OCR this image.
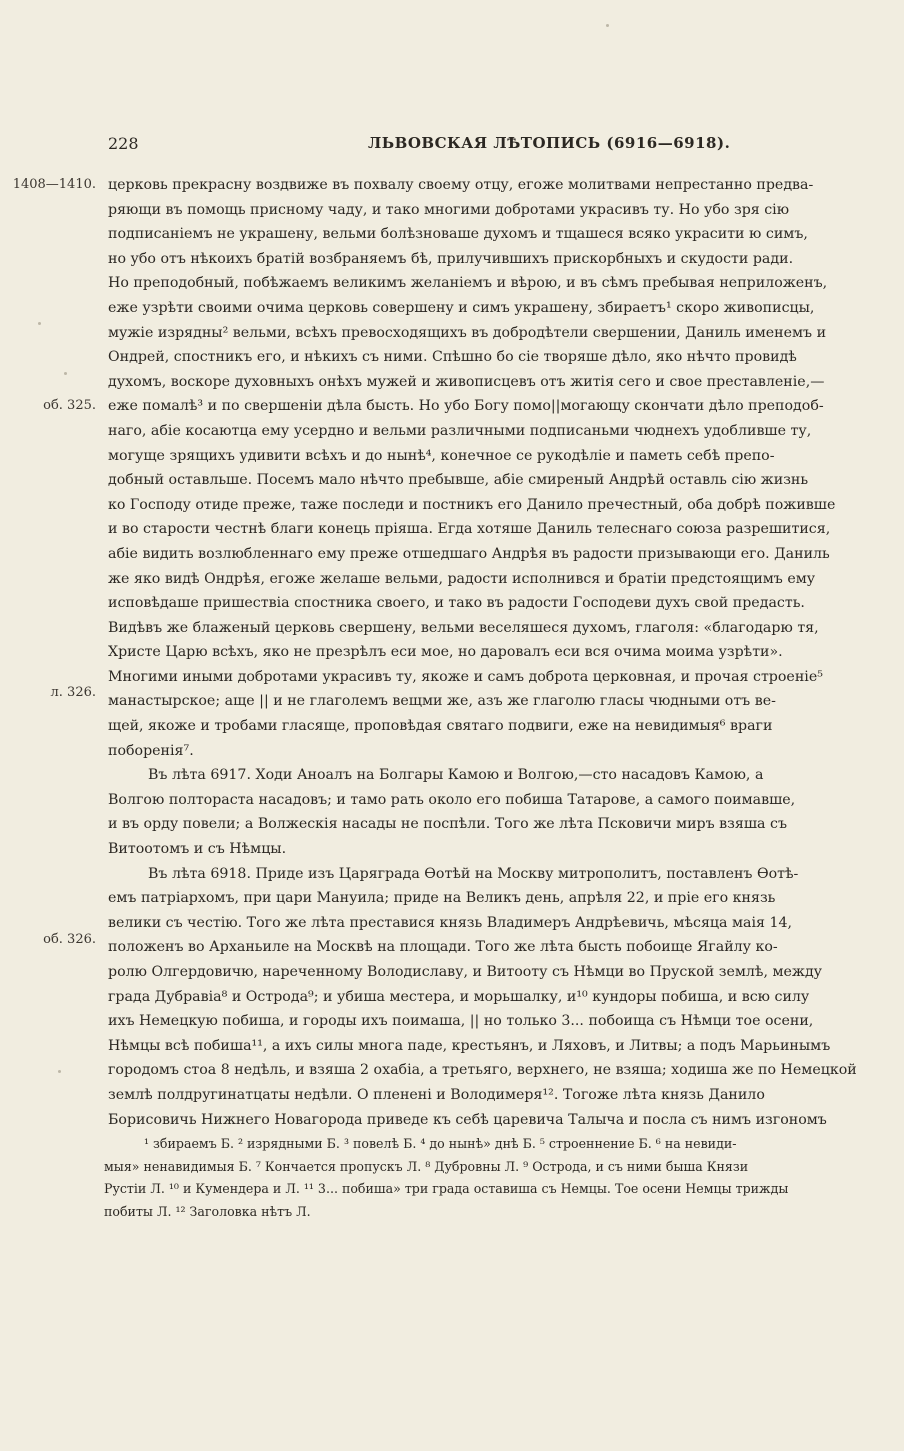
228	ЛЬВОВСКАЯ ЛѢТОПИСЬ (6916—6918).
1408—1410.
об. 325.
л. 326.
об. 326.
церковь прекрасну воздвиже въ похвалу своему отцу, егоже молитвами непрестанно предва-
ряющи въ помощь присному чаду, и тако многими добротами украсивъ ту. Но убо зря сію
подписаніемъ не украшену, вельми болѣзноваше духомъ и тщашеся всяко украсити ю симъ,
но убо отъ нѣкоихъ братій возбраняемъ бѣ, прилучившихъ прискорбныхъ и скудости ради.
Но преподобный, побѣжаемъ великимъ желаніемъ и вѣрою, и въ сѣмъ пребывая неприложенъ,
еже узрѣти своими очима церковь совершену и симъ украшену, збираетъ¹ скоро живописцы,
мужіе изрядны² вельми, всѣхъ превосходящихъ въ добродѣтели свершении, Даниль именемъ и
Ондрей, спостникъ его, и нѣкихъ съ ними. Спѣшно бо сіе творяше дѣло, яко нѣчто провидѣ
духомъ, воскоре духовныхъ онѣхъ мужей и живописцевъ отъ житія сего и свое преставленіе,—
еже помалѣ³ и по свершеніи дѣла бысть. Но убо Богу помо||могающу скончати дѣло преподоб-
наго, абіе косаютца ему усердно и вельми различными подписаньми чюднехъ удобливше ту,
могуще зрящихъ удивити всѣхъ и до нынѣ⁴, конечное се рукодѣліе и паметь себѣ препо-
добный оставльше. Посемъ мало нѣчто пребывше, абіе смиреный Андрѣй оставль сію жизнь
ко Господу отиде преже, таже последи и постникъ его Данило пречестный, оба добрѣ поживше
и во старости честнѣ благи конець пріяша. Егда хотяше Даниль телеснаго союза разрешитися,
абіе видить возлюбленнаго ему преже отшедшаго Андрѣя въ радости призывающи его. Даниль
же яко видѣ Ондрѣя, егоже желаше вельми, радости исполнився и братіи предстоящимъ ему
исповѣдаше пришествіа спостника своего, и тако въ радости Господеви духъ свой предасть.
Видѣвъ же блаженый церковь свершену, вельми веселяшеся духомъ, глаголя: «благодарю тя,
Христе Царю всѣхъ, яко не презрѣлъ еси мое, но даровалъ еси вся очима моима узрѣти».
Многими иными добротами украсивъ ту, якоже и самъ доброта церковная, и прочая строеніе⁵
манастырское; аще || и не глаголемъ вещми же, азъ же глаголю гласы чюдными отъ ве-
щей, якоже и тробами гласяще, проповѣдая святаго подвиги, еже на невидимыя⁶ враги
поборенія⁷.
Въ лѣта 6917. Ходи Аноалъ на Болгары Камою и Волгою,—сто насадовъ Камою, а
Волгою полтораста насадовъ; и тамо рать около его побиша Татарове, а самого поимавше,
и въ орду повели; а Волжескія насады не поспѣли. Того же лѣта Псковичи миръ взяша съ
Витоотомъ и съ Нѣмцы.
Въ лѣта 6918. Приде изъ Царяграда Өотѣй на Москву митрополитъ, поставленъ Өотѣ-
емъ патріархомъ, при цари Мануила; приде на Великъ день, апрѣля 22, и пріе его князь
велики съ честію. Того же лѣта преставися князь Владимеръ Андрѣевичь, мѣсяца маія 14,
положенъ во Арханьиле на Москвѣ на площади. Того же лѣта бысть побоище Ягайлу ко-
ролю Олгердовичю, нареченному Володиславу, и Витооту съ Нѣмци во Пруской землѣ, между
града Дубравіа⁸ и Острода⁹; и убиша местера, и морьшалку, и¹⁰ кундоры побиша, и всю силу
ихъ Немецкую побиша, и городы ихъ поимаша, || но только 3... побоища съ Нѣмци тое осени,
Нѣмцы всѣ побиша¹¹, а ихъ силы многа паде, крестьянъ, и Ляховъ, и Литвы; а подъ Марьинымъ
городомъ стоа 8 недѣль, и взяша 2 охабіа, а третьяго, верхнего, не взяша; ходиша же по Немецкой
землѣ полдругинатцаты недѣли. О пленені и Володимеря¹². Тогоже лѣта князь Данило
Борисовичь Нижнего Новагорода приведе къ себѣ царевича Талыча и посла съ нимъ изгономъ
¹ збираемъ Б. ² изрядными Б. ³ повелѣ Б. ⁴ до нынѣ» днѣ Б. ⁵ строеннение Б. ⁶ на невиди-
мыя» ненавидимыя Б. ⁷ Кончается пропускъ Л. ⁸ Дубровны Л. ⁹ Острода, и съ ними быша Князи
Рустіи Л. ¹⁰ и Кумендера и Л. ¹¹ 3... побиша» три града оставиша съ Немцы. Тое осени Немцы трижды
побиты Л. ¹² Заголовка нѣтъ Л.
